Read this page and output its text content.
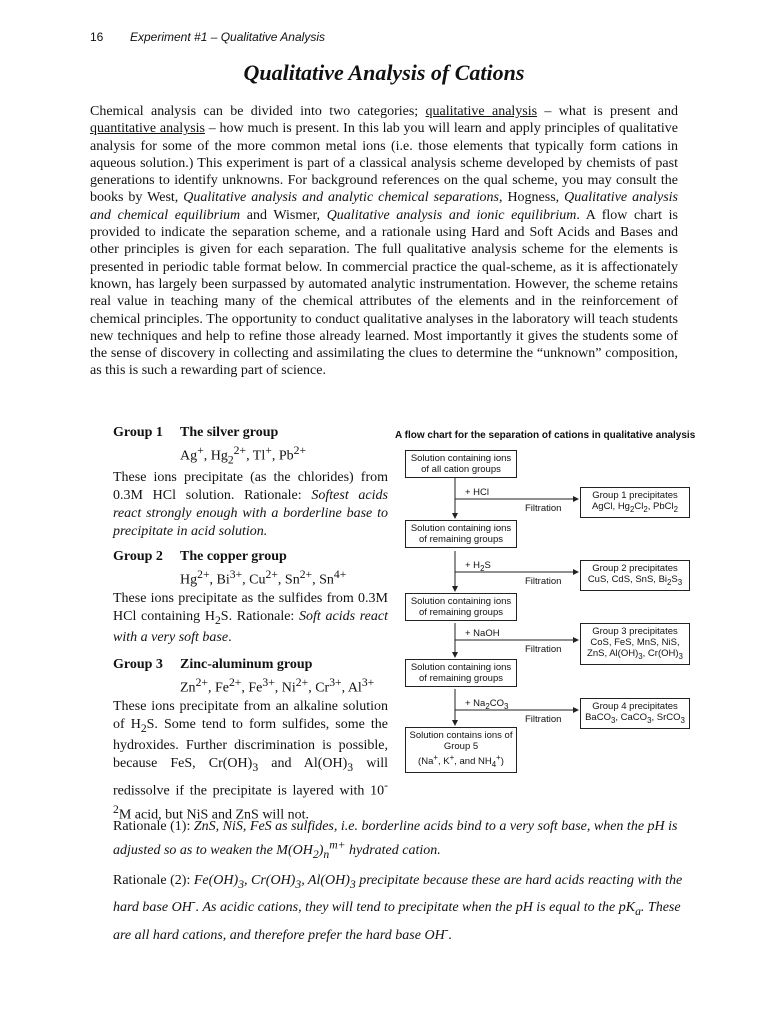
16 Experiment #1 – Qualitative Analysis
Qualitative Analysis of Cations
Chemical analysis can be divided into two categories; qualitative analysis – what is present and quantitative analysis – how much is present. In this lab you will learn and apply principles of qualitative analysis for some of the more common metal ions (i.e. those elements that typically form cations in aqueous solution.) This experiment is part of a classical analysis scheme developed by chemists of past generations to identify unknowns. For background references on the qual scheme, you may consult the books by West, Qualitative analysis and analytic chemical separations, Hogness, Qualitative analysis and chemical equilibrium and Wismer, Qualitative analysis and ionic equilibrium. A flow chart is provided to indicate the separation scheme, and a rationale using Hard and Soft Acids and Bases and other principles is given for each separation. The full qualitative analysis scheme for the elements is presented in periodic table format below. In commercial practice the qual-scheme, as it is affectionately known, has largely been surpassed by automated analytic instrumentation. However, the scheme retains real value in teaching many of the chemical attributes of the elements and in the reinforcement of chemical principles. The opportunity to conduct qualitative analyses in the laboratory will teach students new techniques and help to refine those already learned. Most importantly it gives the students some of the sense of discovery in collecting and assimilating the clues to determine the “unknown” composition, as this is such a rewarding part of science.
Group 1 The silver group
Ag+, $Hg_2^{2+}$, Tl+, $Pb^{2+}$
These ions precipitate (as the chlorides) from 0.3M HCl solution. Rationale: Softest acids react strongly enough with a borderline base to precipitate in acid solution.
Group 2 The copper group
$Hg^{2+}$, $Bi^{3+}$, $Cu^{2+}$, $Sn^{2+}$, $Sn^{4+}$
These ions precipitate as the sulfides from 0.3M HCl containing $H_2S$. Rationale: Soft acids react with a very soft base.
Group 3 Zinc-aluminum group
$Zn^{2+}$, $Fe^{2+}$, $Fe^{3+}$, $Ni^{2+}$, $Cr^{3+}$, $Al^{3+}$
These ions precipitate from an alkaline solution of $H_2S$. Some tend to form sulfides, some the hydroxides. Further discrimination is possible, because FeS, $Cr(OH)_3$ and $Al(OH)_3$ will redissolve if the precipitate is layered with $10^{-2}M$ acid, but NiS and ZnS will not.
A flow chart for the separation of cations in qualitative analysis
Solution containing ions of all cation groups
+ HCl
Filtration
Group 1 precipitates
AgCl, $Hg_2Cl_2$, PbCl$_2$
Solution containing ions of remaining groups
+ $H_2S$
Filtration
Group 2 precipitates
CuS, CdS, SnS, $Bi_2S_3$
Solution containing ions of remaining groups
+ NaOH
Filtration
Group 3 precipitates
CoS, FeS, MnS, NiS,
ZnS, $Al(OH)_3$, $Cr(OH)_3$
Solution containing ions of remaining groups
+ $Na_2CO_3$
Filtration
Group 4 precipitates
BaCO$_3$, CaCO$_3$, SrCO$_3$
Solution contains ions of Group 5
(Na+, K+, and $NH_4^+$)
Rationale (1): ZnS, NiS, FeS as sulfides, i.e. borderline acids bind to a very soft base, when the pH is adjusted so as to weaken the $M(OH_2)_n^{m+}$ hydrated cation.
Rationale (2): $Fe(OH)_3$, $Cr(OH)_3$, $Al(OH)_3$ precipitate because these are hard acids reacting with the hard base OH-. As acidic cations, they will tend to precipitate when the pH is equal to the $pK_a$. These are all hard cations, and therefore prefer the hard base OH-.
